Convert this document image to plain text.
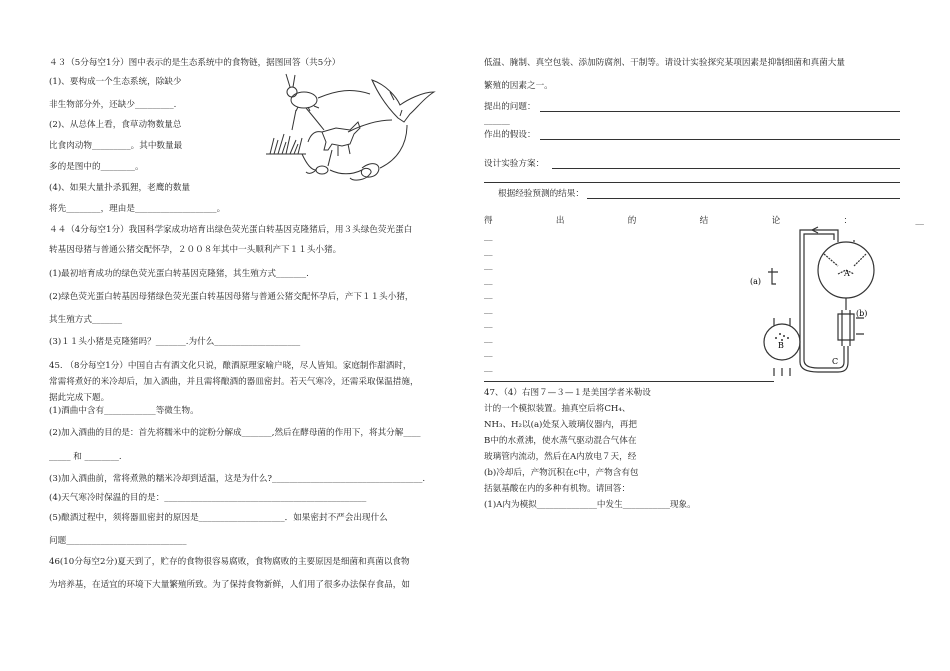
４３（5分每空1分）图中表示的是生态系统中的食物链，据图回答（共5分）
(1)、要构成一个生态系统，除缺少
非生物部分外，还缺少_________.
(2)、从总体上看，食草动物数量总
比食肉动物_________。其中数量最
多的是图中的________。
(4)、如果大量扑杀狐狸，老鹰的数量
将先________，理由是___________________。
４４（4分每空1分）我国科学家成功培育出绿色荧光蛋白转基因克隆猪后，用３头绿色荧光蛋白
转基因母猪与普通公猪交配怀孕，２００８年其中一头顺利产下１１头小猪。
(1)最初培育成功的绿色荧光蛋白转基因克隆猪，其生殖方式_______.
(2)绿色荧光蛋白转基因母猪绿色荧光蛋白转基因母猪与普通公猪交配怀孕后，产下１１头小猪，
其生殖方式_______
(3)１１头小猪是克隆猪吗？_______.为什么____________________
45. （8分每空1分）中国自古有酒文化只说，酿酒原理家喻户晓，尽人皆知。家庭制作甜酒时，
常需将煮好的米冷却后，加入酒曲，并且需将酿酒的器皿密封。若天气寒冷，还需采取保温措施，
据此完成下题。
(1)酒曲中含有____________等微生物。
(2)加入酒曲的目的是：首先将糯米中的淀粉分解成_______,然后在酵母菌的作用下，将其分解____
_____ 和 ________.
(3)加入酒曲前，常将煮熟的糯米冷却到适温，这是为什么?___________________________________.
(4)天气寒冷时保温的目的是：_______________________________________________
(5)酿酒过程中，须将器皿密封的原因是____________________．如果密封不严会出现什么
问题____________________________
46(10分每空2分)夏天到了，贮存的食物很容易腐败，食物腐败的主要原因是细菌和真菌以食物
为培养基，在适宜的环境下大量繁殖所致。为了保持食物新鲜，人们用了很多办法保存食品，如
低温、腌制、真空包装、添加防腐剂、干制等。请设计实验探究某项因素是抑制细菌和真菌大量
繁殖的因素之一。
提出的问题：
______
作出的假设：
设计实验方案：
根据经验预测的结果：
得	出	的	结	论	：	__
__
__
__
__
__
__
__
__
__
__
(a)
A
(b)
B
C
47、（4）右图７—３—１是美国学者米勒设
计的一个模拟装置。抽真空后将CH₄、
NH₃、H₂以(a)处泵入玻璃仪器内，再把
B中的水煮沸，使水蒸气驱动混合气体在
玻璃管内流动，然后在A内放电７天，经
(b)冷却后，产物沉积在c中，产物含有包
括氨基酸在内的多种有机物。请回答：
(1)A内为模拟______________中发生___________现象。
